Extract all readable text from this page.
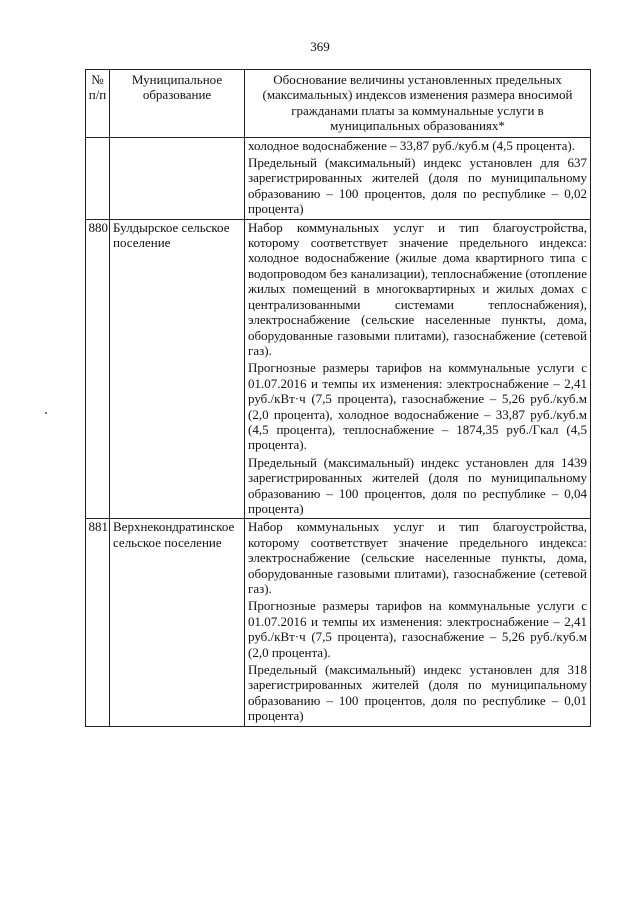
369
№ п/п	Муниципальное образование	Обоснование величины установленных предельных (максимальных) индексов изменения размера вносимой гражданами платы за коммунальные услуги в муниципальных образованиях*

		холодное водоснабжение – 33,87 руб./куб.м (4,5 процента).

Предельный (максимальный) индекс установлен для 637 зарегистрированных жителей (доля по муниципальному образованию – 100 процентов, доля по республике – 0,02 процента)

880	Булдырское сельское поселение	Набор коммунальных услуг и тип благоустройства, которому соответствует значение предельного индекса: холодное водоснабжение (жилые дома квартирного типа с водопроводом без канализации), теплоснабжение (отопление жилых помещений в многоквартирных и жилых домах с централизованными системами теплоснабжения), электроснабжение (сельские населенные пункты, дома, оборудованные газовыми плитами), газоснабжение (сетевой газ).

Прогнозные размеры тарифов на коммунальные услуги с 01.07.2016 и темпы их изменения: электроснабжение – 2,41 руб./кВт·ч (7,5 процента), газоснабжение – 5,26 руб./куб.м (2,0 процента), холодное водоснабжение – 33,87 руб./куб.м (4,5 процента), теплоснабжение – 1874,35 руб./Гкал (4,5 процента).

Предельный (максимальный) индекс установлен для 1439 зарегистрированных жителей (доля по муниципальному образованию – 100 процентов, доля по республике – 0,04 процента)

881	Верхнекондратинское сельское поселение	Набор коммунальных услуг и тип благоустройства, которому соответствует значение предельного индекса: электроснабжение (сельские населенные пункты, дома, оборудованные газовыми плитами), газоснабжение (сетевой газ).

Прогнозные размеры тарифов на коммунальные услуги с 01.07.2016 и темпы их изменения: электроснабжение – 2,41 руб./кВт·ч (7,5 процента), газоснабжение – 5,26 руб./куб.м (2,0 процента).

Предельный (максимальный) индекс установлен для 318 зарегистрированных жителей (доля по муниципальному образованию – 100 процентов, доля по республике – 0,01 процента)
